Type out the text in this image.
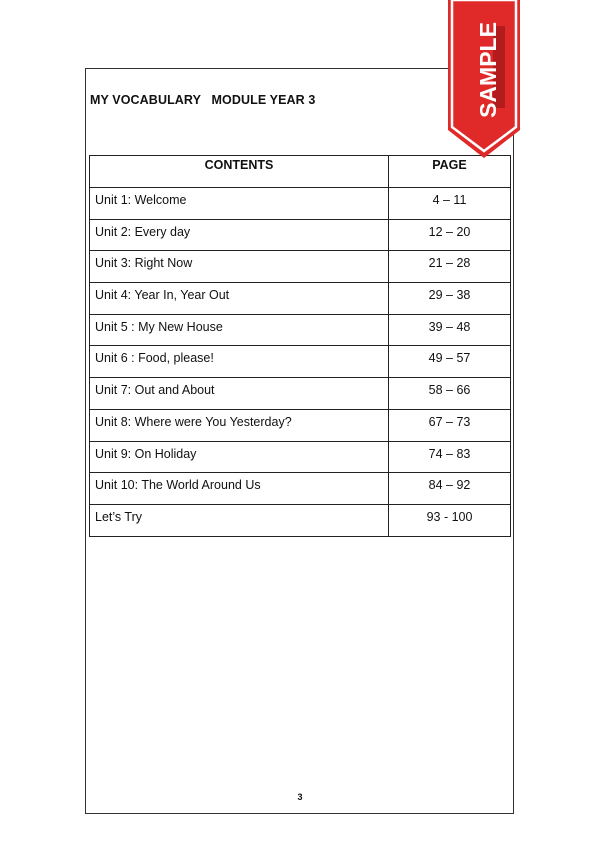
MY VOCABULARY   MODULE YEAR 3
CONTENTS	PAGE
Unit 1: Welcome	4 – 11
Unit 2: Every day	12 – 20
Unit 3: Right Now	21 – 28
Unit 4: Year In, Year Out	29 – 38
Unit 5 : My New House	39 – 48
Unit 6 : Food, please!	49 – 57
Unit 7: Out and About	58 – 66
Unit 8: Where were You Yesterday?	67 – 73
Unit 9: On Holiday	74 – 83
Unit 10: The World Around Us	84 – 92
Let’s Try	93 - 100
3
SAMPLE
